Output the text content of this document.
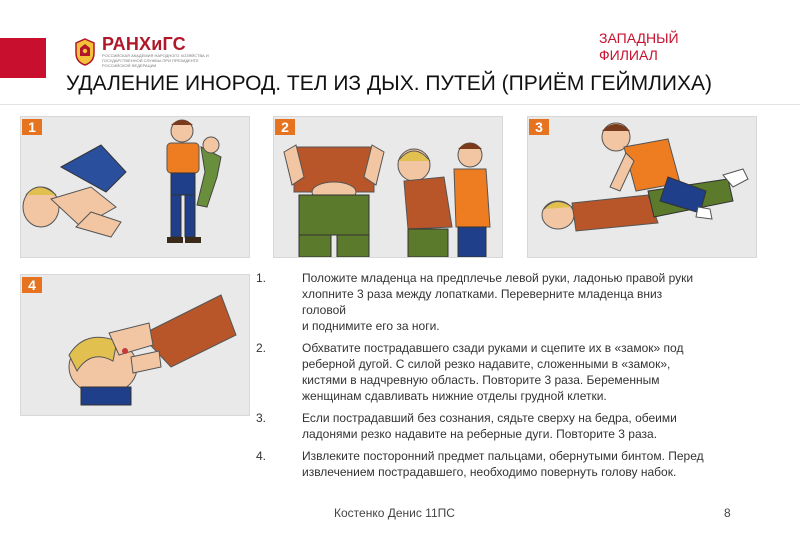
РАНХиГС
РОССИЙСКАЯ АКАДЕМИЯ НАРОДНОГО ХОЗЯЙСТВА И ГОСУДАРСТВЕННОЙ СЛУЖБЫ ПРИ ПРЕЗИДЕНТЕ РОССИЙСКОЙ ФЕДЕРАЦИИ
ЗАПАДНЫЙ
ФИЛИАЛ
УДАЛЕНИЕ ИНОРОД. ТЕЛ ИЗ ДЫХ. ПУТЕЙ (ПРИЁМ ГЕЙМЛИХА)
1	2	3
4	1.	Положите младенца на предплечье левой руки, ладонью правой руки
хлопните 3 раза между лопатками. Переверните младенца вниз
головой
и поднимите его за ноги.
2.	Обхватите пострадавшего сзади руками и сцепите их в «замок» под
реберной дугой. С силой резко надавите, сложенными в «замок»,
кистями в надчревную область. Повторите 3 раза. Беременным
женщинам сдавливать нижние отделы грудной клетки.
3.	Если пострадавший без сознания, сядьте сверху на бедра, обеими
ладонями резко надавите на реберные дуги. Повторите 3 раза.
4.	Извлеките посторонний предмет пальцами, обернутыми бинтом. Перед
извлечением пострадавшего, необходимо повернуть голову набок.
Костенко Денис 11ПС	8
